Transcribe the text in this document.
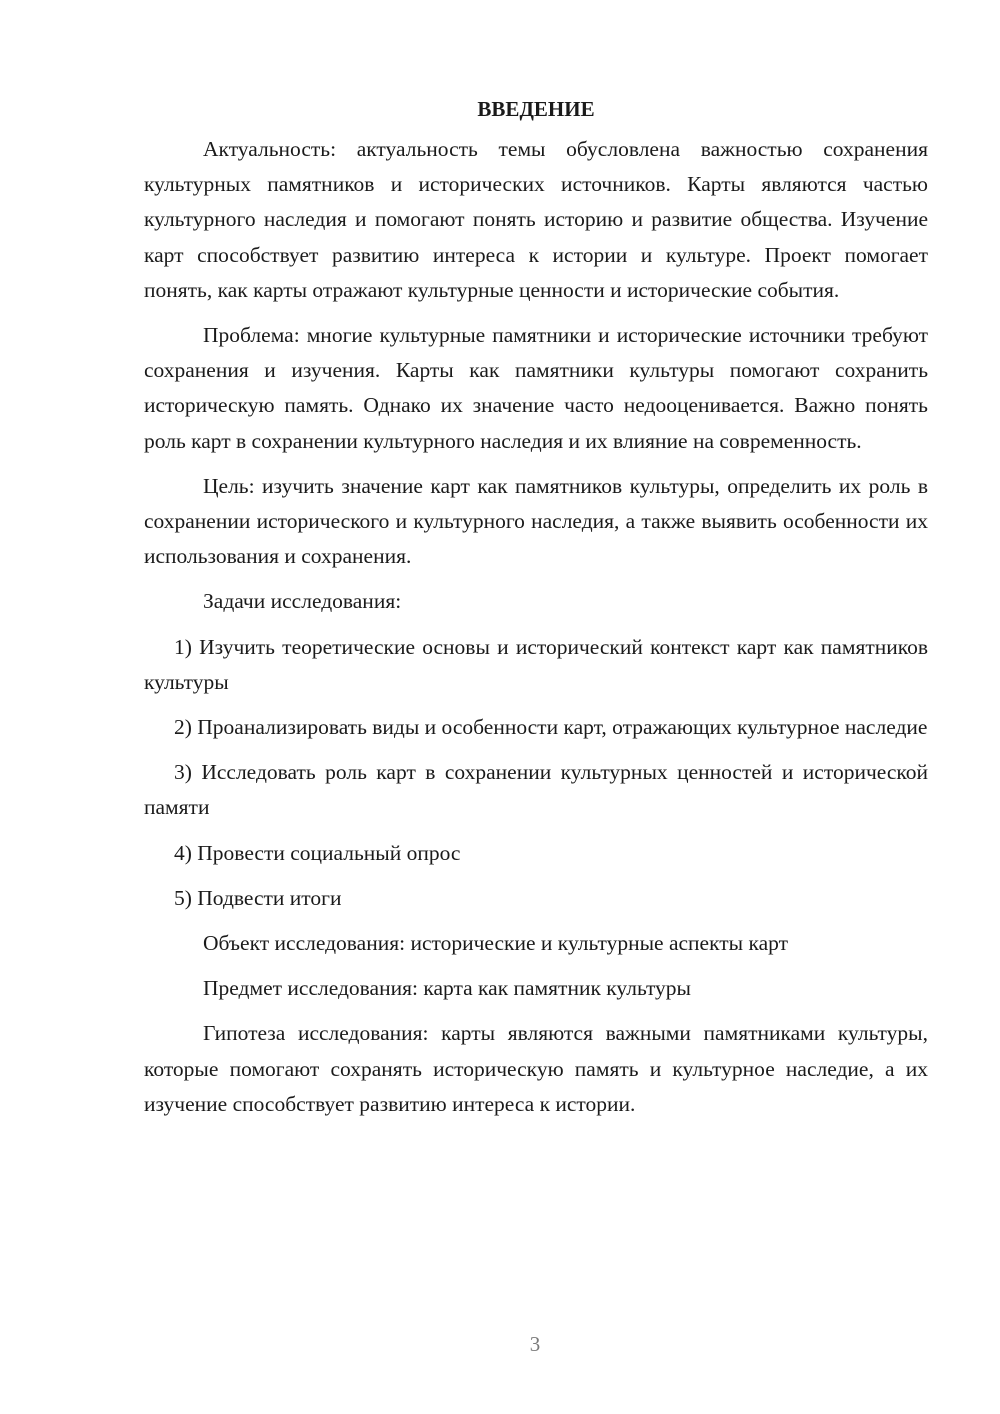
ВВЕДЕНИЕ

Актуальность: актуальность темы обусловлена важностью сохранения культурных памятников и исторических источников. Карты являются частью культурного наследия и помогают понять историю и развитие общества. Изучение карт способствует развитию интереса к истории и культуре. Проект помогает понять, как карты отражают культурные ценности и исторические события.

Проблема: многие культурные памятники и исторические источники требуют сохранения и изучения. Карты как памятники культуры помогают сохранить историческую память. Однако их значение часто недооценивается. Важно понять роль карт в сохранении культурного наследия и их влияние на современность.

Цель: изучить значение карт как памятников культуры, определить их роль в сохранении исторического и культурного наследия, а также выявить особенности их использования и сохранения.

Задачи исследования:

1) Изучить теоретические основы и исторический контекст карт как памятников культуры

2) Проанализировать виды и особенности карт, отражающих культурное наследие

3) Исследовать роль карт в сохранении культурных ценностей и исторической памяти

4) Провести социальный опрос

5) Подвести итоги

Объект исследования: исторические и культурные аспекты карт

Предмет исследования: карта как памятник культуры

Гипотеза исследования: карты являются важными памятниками культуры, которые помогают сохранять историческую память и культурное наследие, а их изучение способствует развитию интереса к истории.

3
